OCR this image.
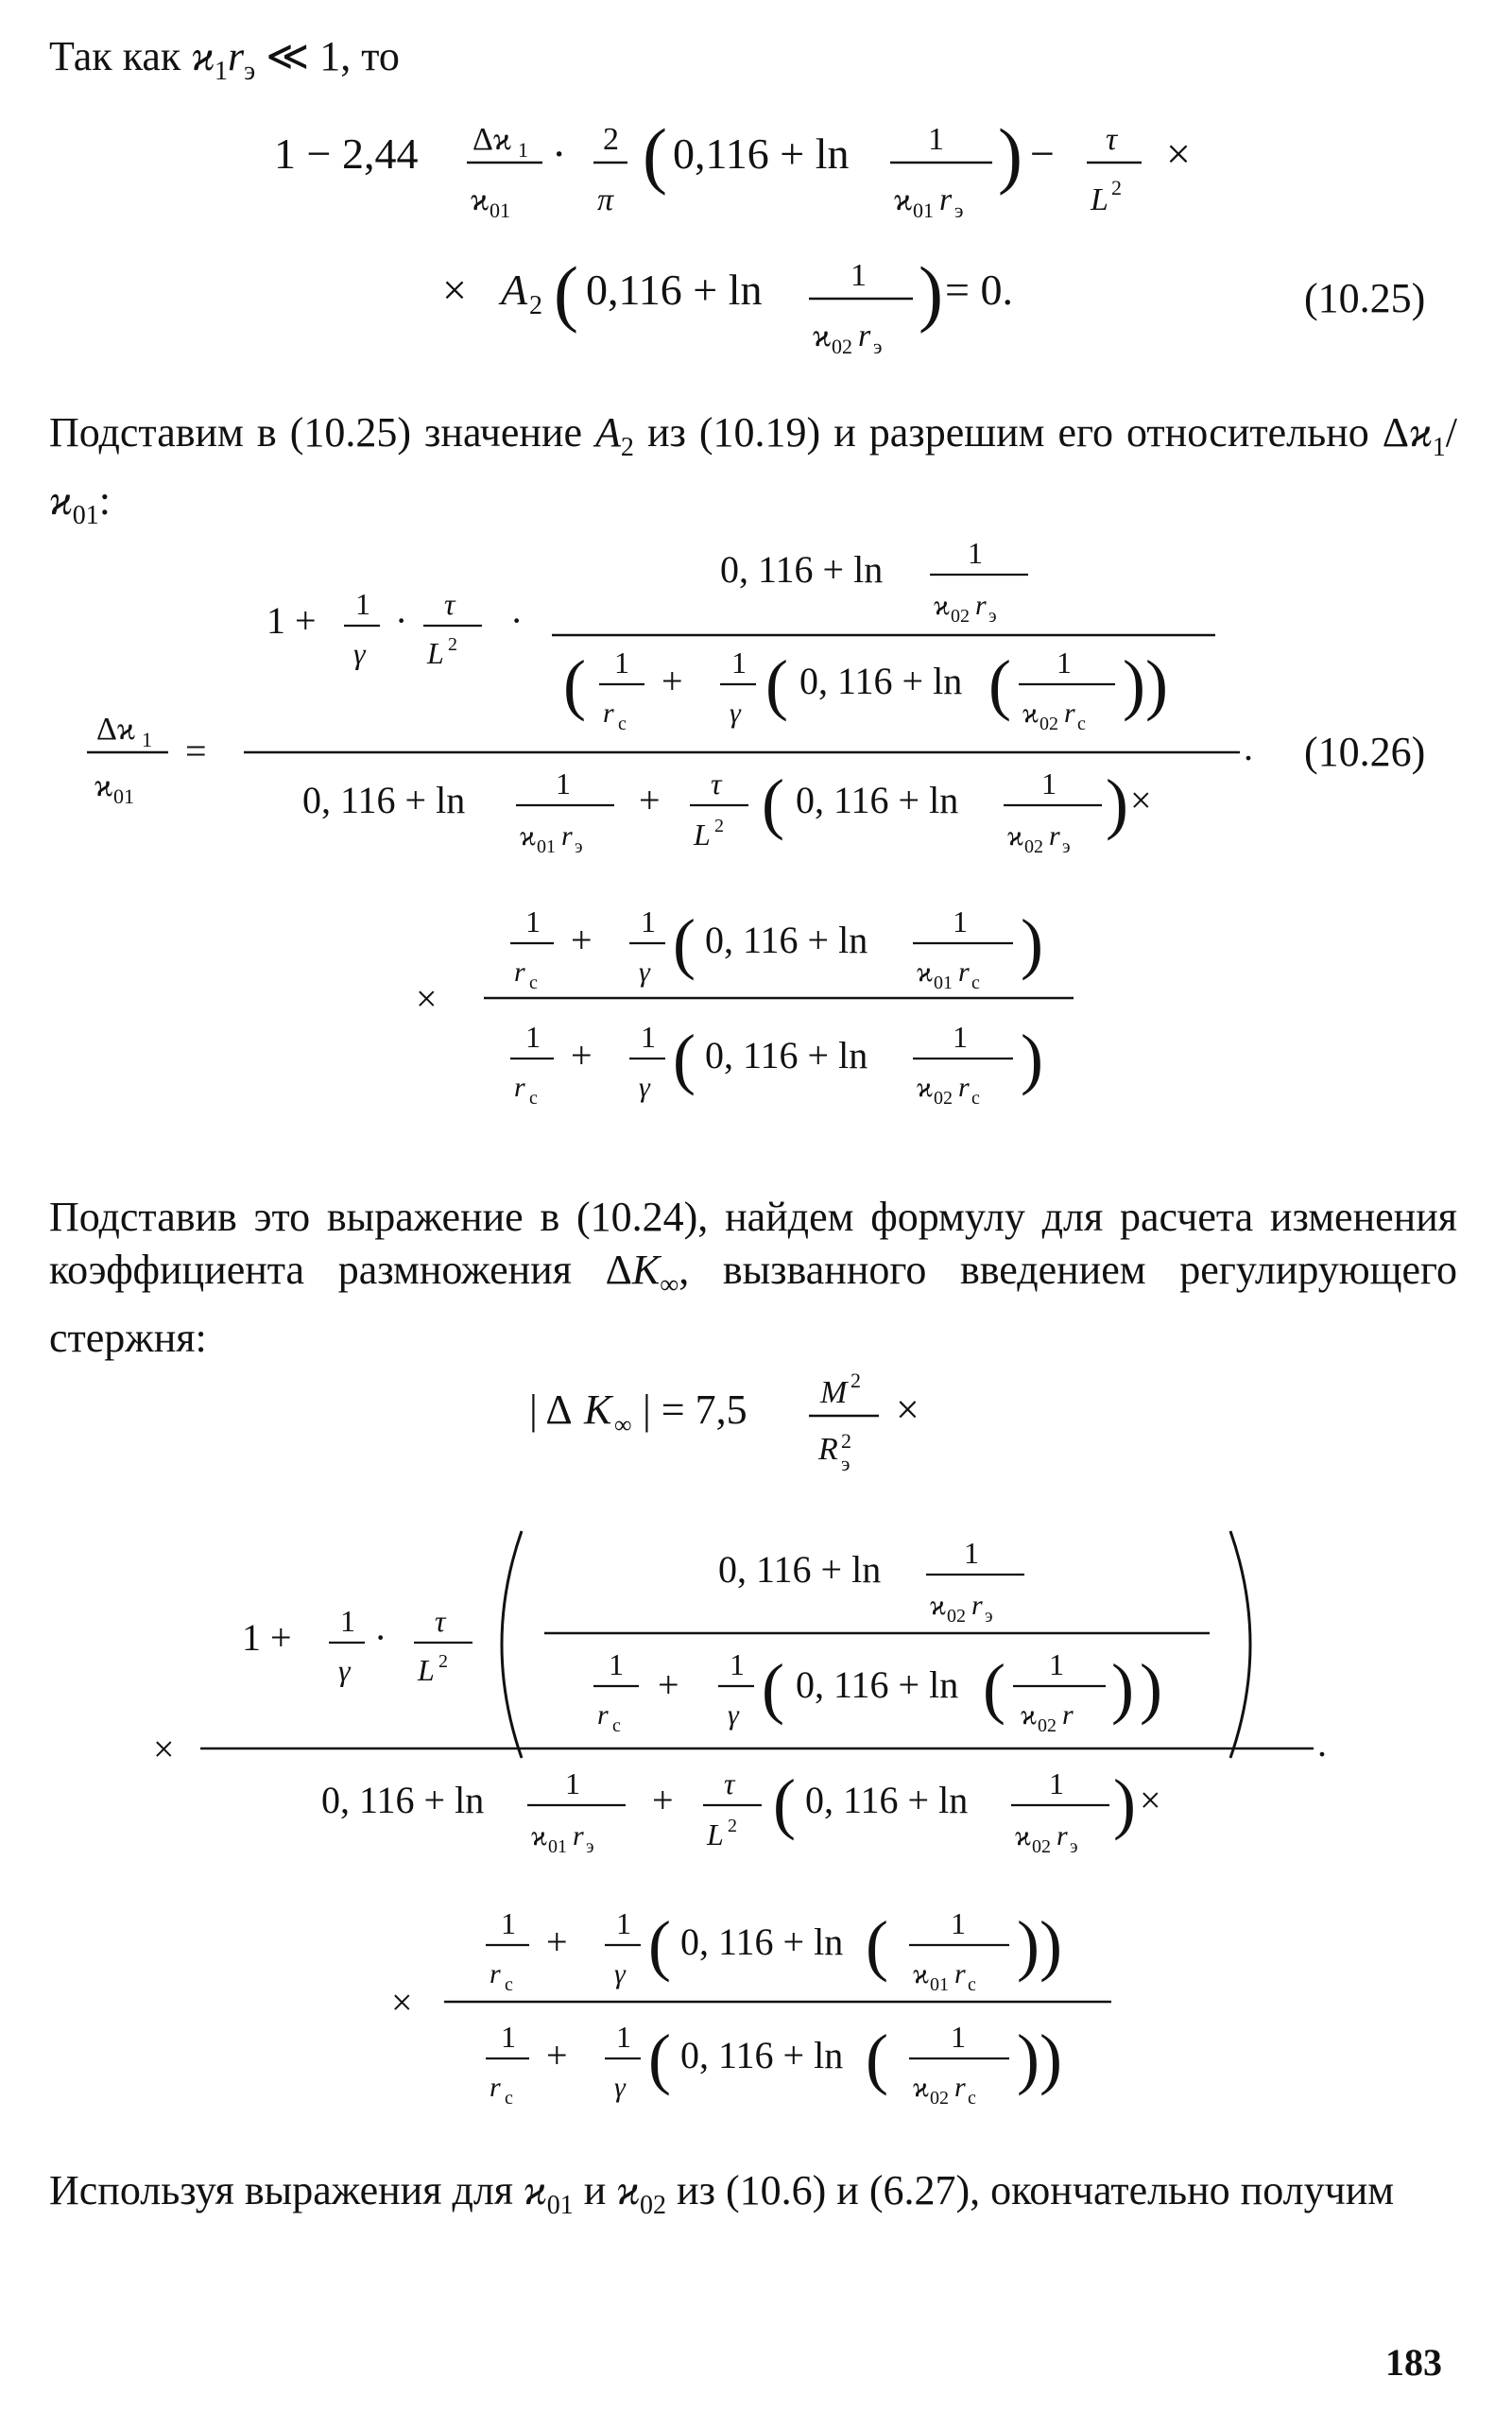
Так как $ϰ_1r_э$ ≪ 1, то
1 − 2,44 Δϰ 1
ϰ 01
· 2
π
( 0,116 + ln 1
ϰ 01 r э
) − τ
L 2
×
× A 2 ( 0,116 + ln	1
ϰ 02 r э
) = 0.	(10.25)
Подставим в (10.25) значение $A_2$ из (10.19) и разрешим его относительно $\Delta ϰ_1/ϰ_{01}$:
Δϰ 1
ϰ 01
=	.
1 + 1
γ
· τ
L 2
·
0, 116 + ln	1
ϰ 02 r э
( 1
r c
+ 1
γ ( 0, 116 + ln ( 1
ϰ 02 r c
))
0, 116 + ln	1
ϰ 01 r э
+ τ
L 2 ( 0, 116 + ln	1
ϰ 02 r э
) ×
×
1
r c
+ 1
γ ( 0, 116 + ln	1
ϰ 01 r c
)
1
r c
+ 1
γ ( 0, 116 + ln	1
ϰ 02 r c
)
(10.26)
Подставив это выражение в (10.24), найдем формулу для расчета изменения коэффициента размножения $\Delta K_\infty$, вызванного введением регулирующего стержня:
| Δ K ∞ | = 7,5 M 2
R 2
э
×
×	.
1 + 1
γ
· τ
L 2
0, 116 + ln	1
ϰ 02 r э
1
r c
+ 1
γ ( 0, 116 + ln ( 1
ϰ 02 r ) )
0, 116 + ln	1
ϰ 01 r э
+ τ
L 2 ( 0, 116 + ln	1
ϰ 02 r э
) ×
×
1
r c
+ 1
γ ( 0, 116 + ln ( 1
ϰ 01 r c
))
1
r c
+ 1
γ ( 0, 116 + ln ( 1
ϰ 02 r c
))
Используя выражения для $ϰ_{01}$ и $ϰ_{02}$ из (10.6) и (6.27), окончательно получим
183
